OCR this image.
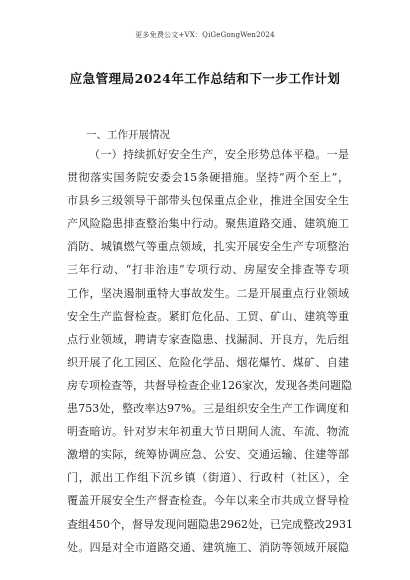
更多免费公文+VX：QiGeGongWen2024
应急管理局2024年工作总结和下一步工作计划
一、工作开展情况
（一）持续抓好安全生产，安全形势总体平稳。一是
贯彻落实国务院安委会15条硬措施。坚持“两个至上”，
市县乡三级领导干部带头包保重点企业，推进全国安全生
产风险隐患排查整治集中行动。聚焦道路交通、建筑施工
消防、城镇燃气等重点领域，扎实开展安全生产专项整治
三年行动、“打非治违”专项行动、房屋安全排查等专项
工作，坚决遏制重特大事故发生。二是开展重点行业领域
安全生产监督检查。紧盯危化品、工贸、矿山、建筑等重
点行业领域，聘请专家查隐患、找漏洞、开良方，先后组
织开展了化工园区、危险化学品、烟花爆竹、煤矿、自建
房专项检查等，共督导检查企业126家次，发现各类问题隐
患753处，整改率达97%。三是组织安全生产工作调度和
明查暗访。针对岁末年初重大节日期间人流、车流、物流
激增的实际，统筹协调应急、公安、交通运输、住建等部
门，派出工作组下沉乡镇（街道）、行政村（社区），全
覆盖开展安全生产督查检查。今年以来全市共成立督导检
查组450个，督导发现问题隐患2962处，已完成整改2931
处。四是对全市道路交通、建筑施工、消防等领域开展隐
